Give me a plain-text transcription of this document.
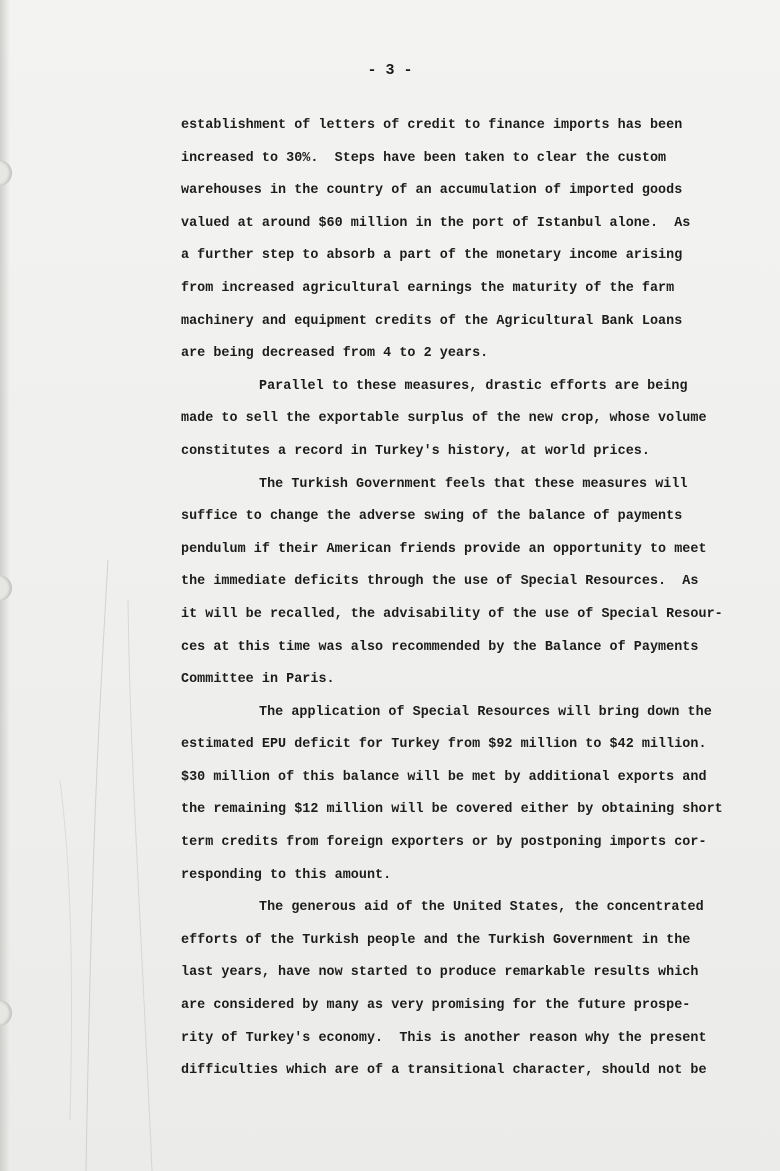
- 3 -
establishment of letters of credit to finance imports has been
increased to 30%.  Steps have been taken to clear the custom
warehouses in the country of an accumulation of imported goods
valued at around $60 million in the port of Istanbul alone.  As
a further step to absorb a part of the monetary income arising
from increased agricultural earnings the maturity of the farm
machinery and equipment credits of the Agricultural Bank Loans
are being decreased from 4 to 2 years.
Parallel to these measures, drastic efforts are being
made to sell the exportable surplus of the new crop, whose volume
constitutes a record in Turkey's history, at world prices.
The Turkish Government feels that these measures will
suffice to change the adverse swing of the balance of payments
pendulum if their American friends provide an opportunity to meet
the immediate deficits through the use of Special Resources.  As
it will be recalled, the advisability of the use of Special Resour-
ces at this time was also recommended by the Balance of Payments
Committee in Paris.
The application of Special Resources will bring down the
estimated EPU deficit for Turkey from $92 million to $42 million.
$30 million of this balance will be met by additional exports and
the remaining $12 million will be covered either by obtaining short
term credits from foreign exporters or by postponing imports cor-
responding to this amount.
The generous aid of the United States, the concentrated
efforts of the Turkish people and the Turkish Government in the
last years, have now started to produce remarkable results which
are considered by many as very promising for the future prospe-
rity of Turkey's economy.  This is another reason why the present
difficulties which are of a transitional character, should not be
